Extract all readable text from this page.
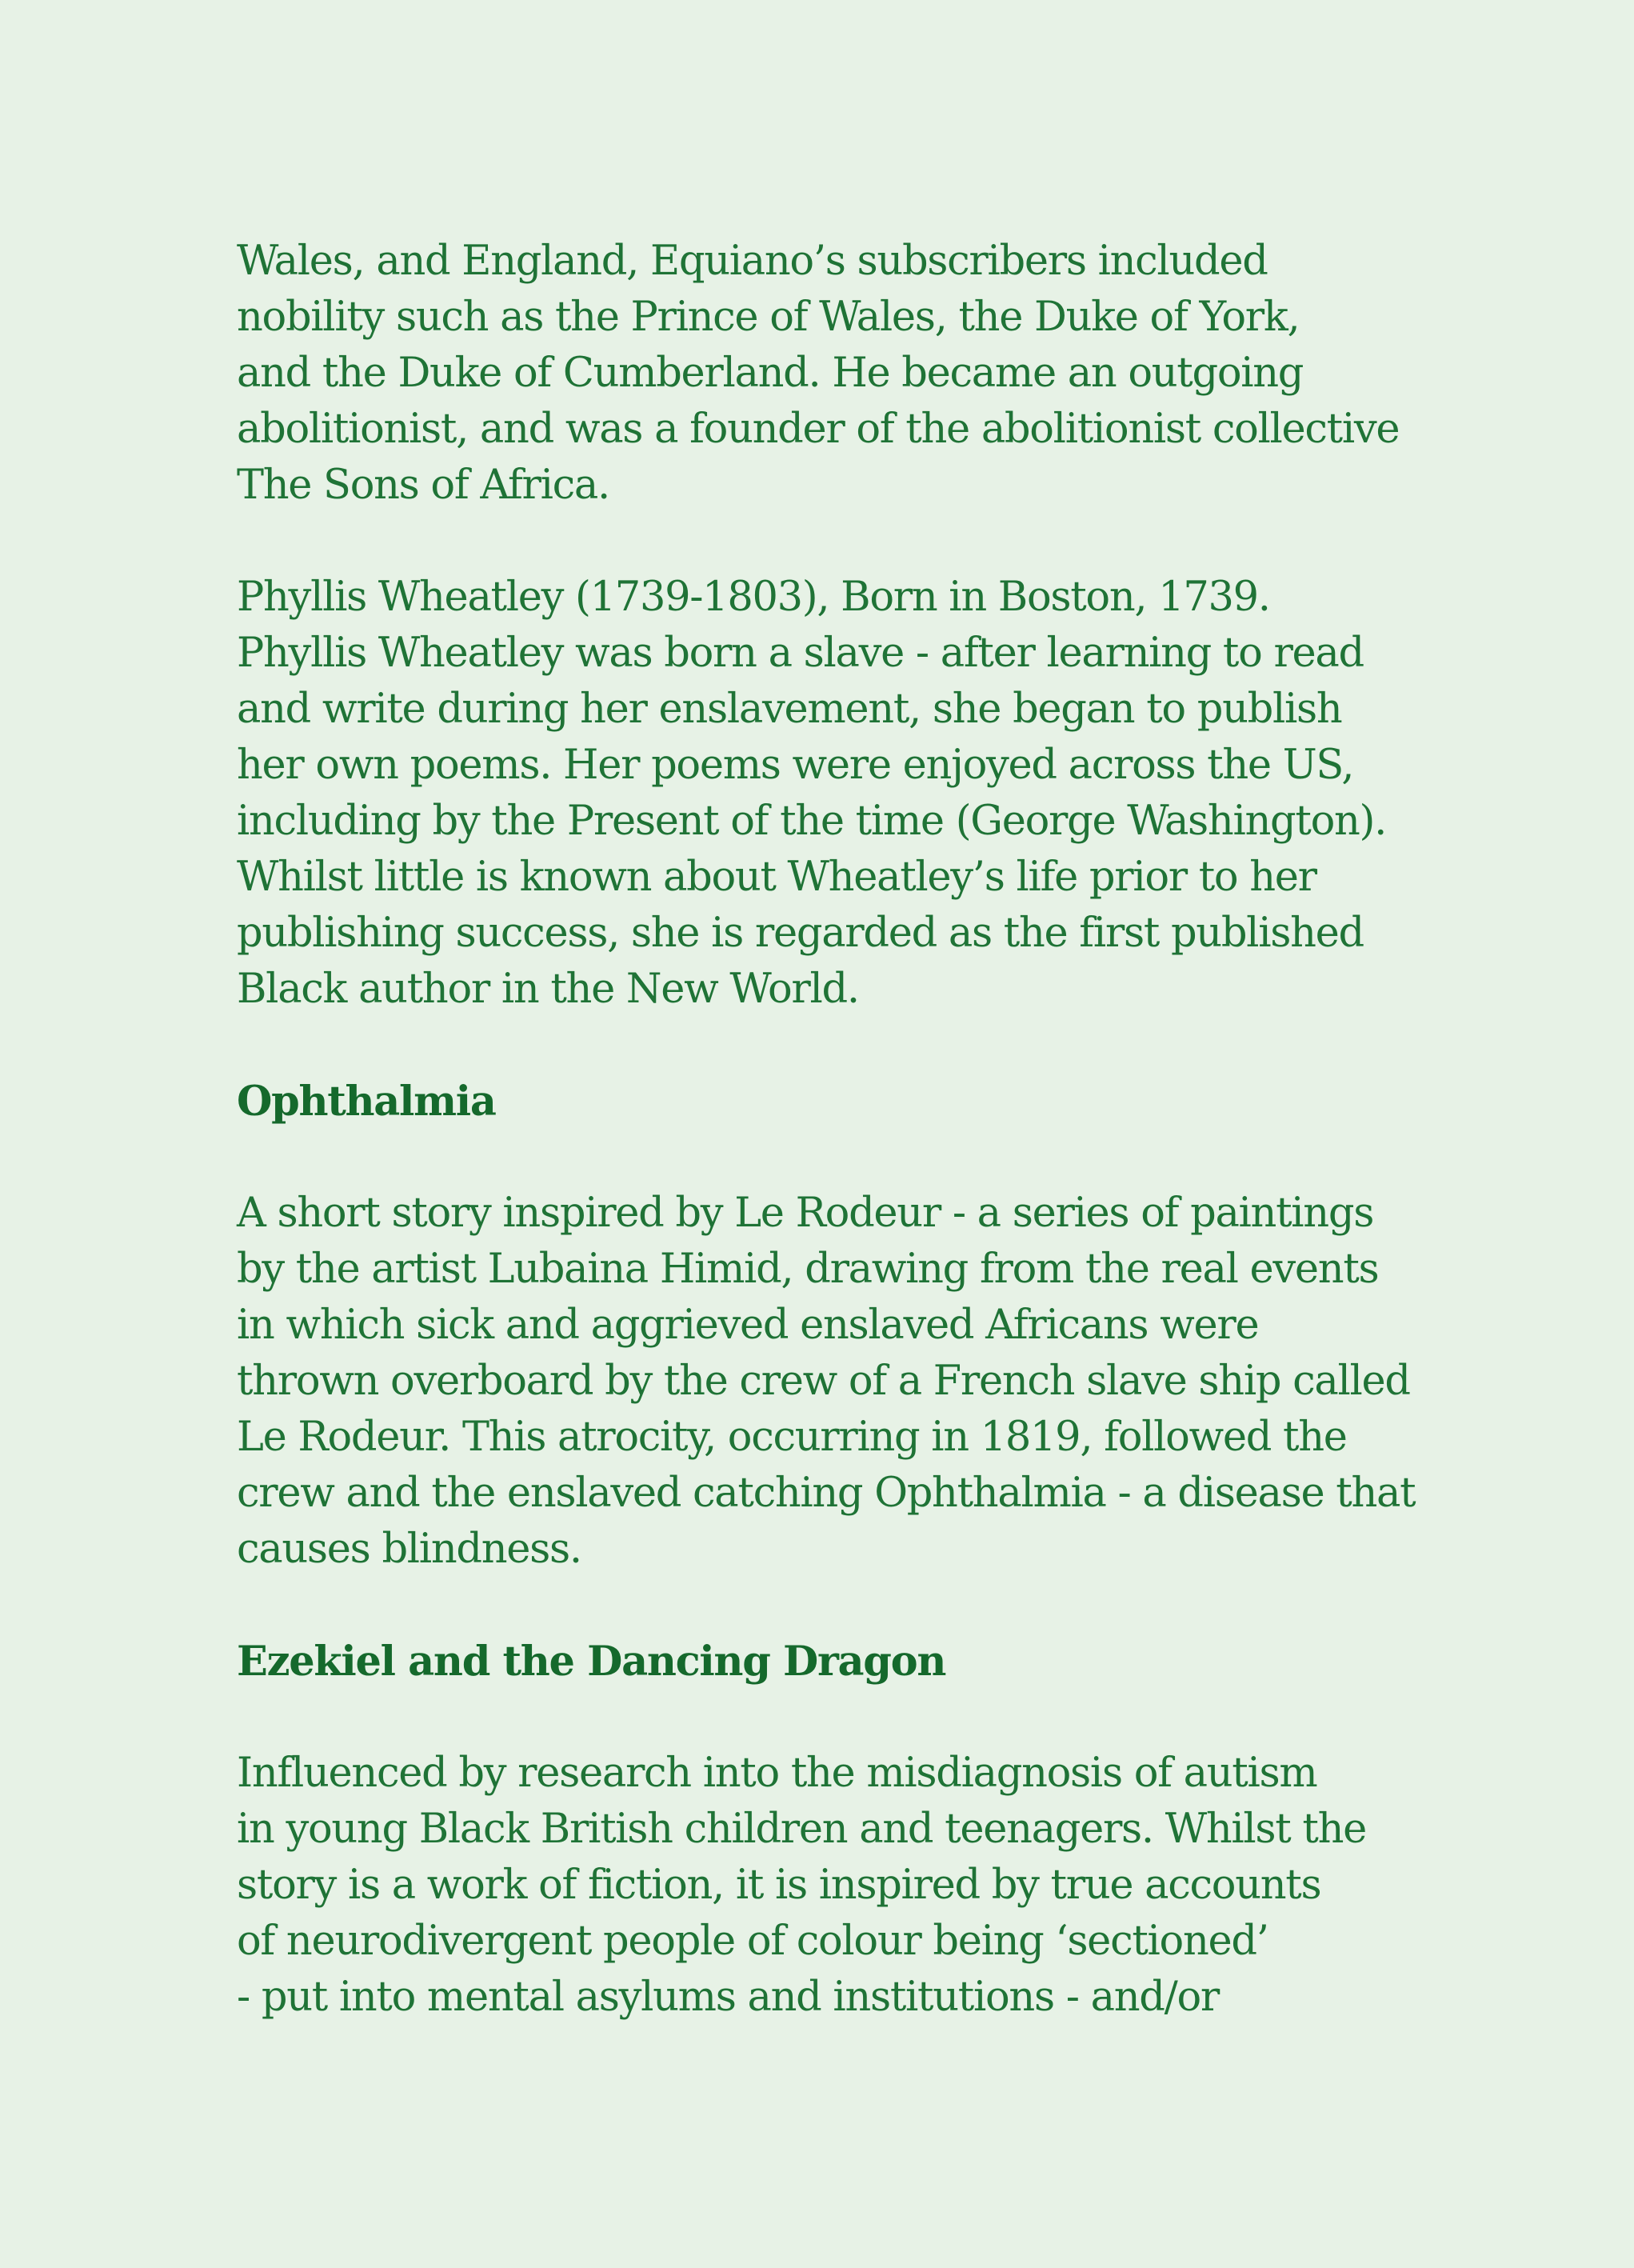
Wales, and England, Equiano’s subscribers included
nobility such as the Prince of Wales, the Duke of York,
and the Duke of Cumberland. He became an outgoing
abolitionist, and was a founder of the abolitionist collective
The Sons of Africa.
Phyllis Wheatley (1739-1803), Born in Boston, 1739.
Phyllis Wheatley was born a slave - after learning to read
and write during her enslavement, she began to publish
her own poems. Her poems were enjoyed across the US,
including by the Present of the time (George Washington).
Whilst little is known about Wheatley’s life prior to her
publishing success, she is regarded as the first published
Black author in the New World.
Ophthalmia
A short story inspired by Le Rodeur - a series of paintings
by the artist Lubaina Himid, drawing from the real events
in which sick and aggrieved enslaved Africans were
thrown overboard by the crew of a French slave ship called
Le Rodeur. This atrocity, occurring in 1819, followed the
crew and the enslaved catching Ophthalmia - a disease that
causes blindness.
Ezekiel and the Dancing Dragon
Influenced by research into the misdiagnosis of autism
in young Black British children and teenagers. Whilst the
story is a work of fiction, it is inspired by true accounts
of neurodivergent people of colour being ‘sectioned’
- put into mental asylums and institutions - and/or
